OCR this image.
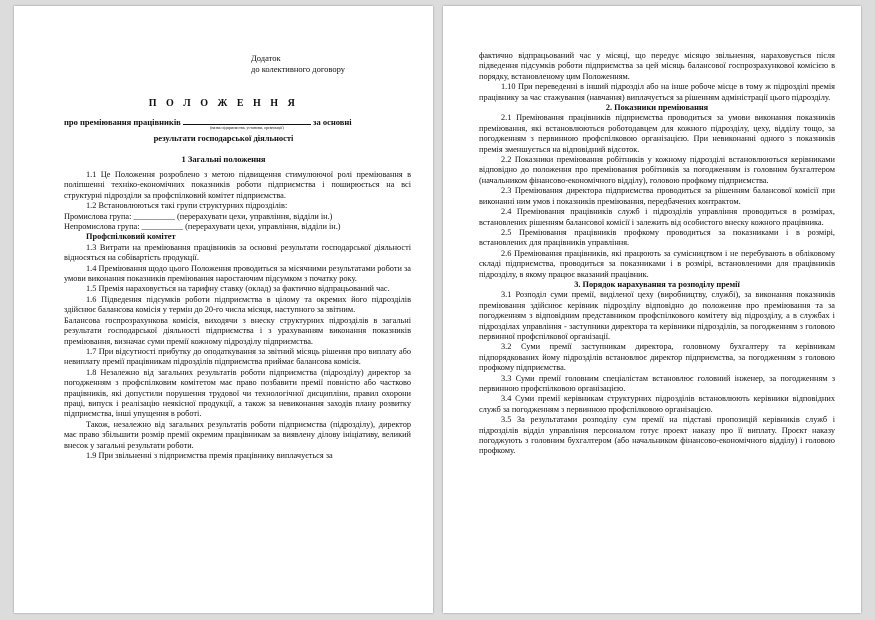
Додаток
до колективного договору
П О Л О Ж Е Н Н Я
про преміювання працівників
(назва підприємства, установи, організації)
за основні
результати господарської діяльності
1 Загальні положення

1.1 Це Положення розроблено з метою підвищення стимулюючої ролі преміювання в поліпшенні техніко-економічних показників роботи підприємства і поширюється на всі структурні підрозділи за профспілковий комітет підприємства.

1.2 Встановлюються такі групи структурних підрозділів:

Промислова група: __________ (перерахувати цехи, управління, відділи ін.)

Непромислова група: __________ (перерахувати цехи, управління, відділи ін.)

Профспілковий комітет

1.3 Витрати на преміювання працівників за основні результати господарської діяльності відносяться на собівартість продукції.

1.4 Преміювання щодо цього Положення проводиться за місячними результатами роботи за умови виконання показників преміювання наростаючим підсумком з початку року.

1.5 Премія нараховується на тарифну ставку (оклад) за фактично відпрацьований час.

1.6 Підведення підсумків роботи підприємства в цілому та окремих його підрозділів здійснює балансова комісія у термін до 20-го числа місяця, наступного за звітним.

Балансова госпрозрахункова комісія, виходячи з внеску структурних підрозділів в загальні результати господарської діяльності підприємства і з урахуванням виконання показників преміювання, визначає суми премії кожному підрозділу підприємства.

1.7 При відсутності прибутку до оподаткування за звітний місяць рішення про виплату або невиплату премії працівникам підрозділів підприємства приймає балансова комісія.

1.8 Незалежно від загальних результатів роботи підприємства (підрозділу) директор за погодженням з профспілковим комітетом має право позбавити премії повністю або частково працівників, які допустили порушення трудової чи технологічної дисципліни, правил охорони праці, випуск і реалізацію неякісної продукції, а також за невиконання заходів плану розвитку підприємства, інші упущення в роботі.

Також, незалежно від загальних результатів роботи підприємства (підрозділу), директор має право збільшити розмір премії окремим працівникам за виявлену ділову ініціативу, великий внесок у загальні результати роботи.

1.9 При звільненні з підприємства премія працівнику виплачується за

фактично відпрацьований час у місяці, що передує місяцю звільнення, нараховується після підведення підсумків роботи підприємства за цей місяць балансової госпрозрахункової комісією в порядку, встановленому цим Положенням.

1.10 При переведенні в інший підрозділ або на інше робоче місце в тому ж підрозділі премія працівнику за час стажування (навчання) виплачується за рішенням адміністрації цього підрозділу.

2. Показники преміювання

2.1 Преміювання працівників підприємства проводиться за умови виконання показників преміювання, які встановлюються роботодавцем для кожного підрозділу, цеху, відділу тощо, за погодженням з первинною профспілковою організацією. При невиконанні одного з показників премія зменшується на відповідний відсоток.

2.2 Показники преміювання робітників у кожному підрозділі встановлюються керівниками відповідно до положення про преміювання робітників за погодженням із головним бухгалтером (начальником фінансово-економічного відділу), головою профкому підприємства.

2.3 Преміювання директора підприємства проводиться за рішенням балансової комісії при виконанні ним умов і показників преміювання, передбачених контрактом.

2.4 Преміювання працівників служб і підрозділів управління проводиться в розмірах, встановлених рішенням балансової комісії і залежить від особистого внеску кожного працівника.

2.5 Преміювання працівників профкому проводиться за показниками і в розмірі, встановлених для працівників управління.

2.6 Преміювання працівників, які працюють за сумісництвом і не перебувають в обліковому складі підприємства, проводиться за показниками і в розмірі, встановленими для працівників підрозділу, в якому працює вказаний працівник.

3. Порядок нарахування та розподілу премії

3.1 Розподіл суми премії, виділеної цеху (виробництву, службі), за виконання показників преміювання здійснює керівник підрозділу відповідно до положення про преміювання та за погодженням з відповідним представником профспілкового комітету від підрозділу, а в службах і підрозділах управління - заступники директора та керівники підрозділів, за погодженням з головою первинної профспілкової організації.

3.2 Суми премії заступникам директора, головному бухгалтеру та керівникам підпорядкованих йому підрозділів встановлює директор підприємства, за погодженням з головою профкому підприємства.

3.3 Суми премії головним спеціалістам встановлює головний інженер, за погодженням з первинною профспілковою організацією.

3.4 Суми премії керівникам структурних підрозділів встановлюють керівники відповідних служб за погодженням з первинною профспілковою організацією.

3.5 За результатами розподілу сум премії на підставі пропозицій керівників служб і підрозділів відділ управління персоналом готує проект наказу про її виплату. Проєкт наказу погоджують з головним бухгалтером (або начальником фінансово-економічного відділу) і головою профкому.
